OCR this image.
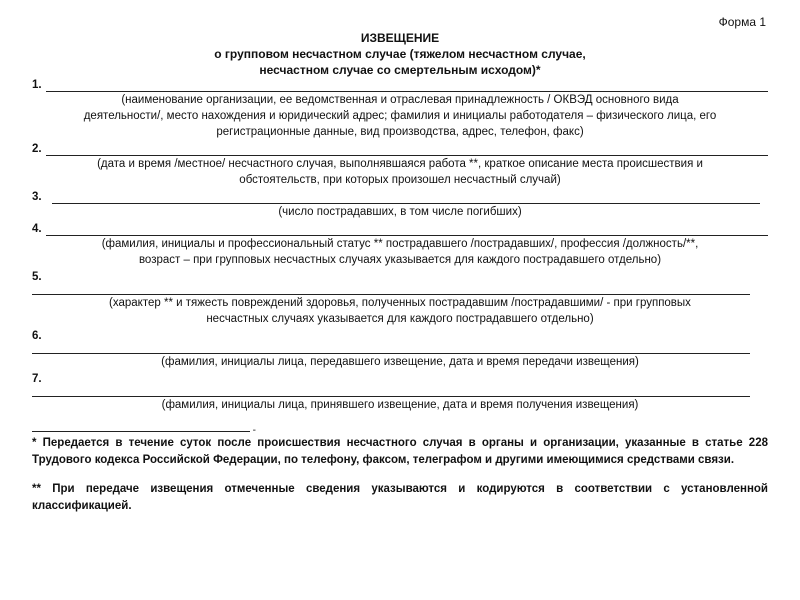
Форма 1
ИЗВЕЩЕНИЕ
о групповом несчастном случае (тяжелом несчастном случае,
несчастном случае со смертельным исходом)*
1.
(наименование организации, ее ведомственная и отраслевая принадлежность / ОКВЭД основного вида
деятельности/, место нахождения и юридический адрес; фамилия и инициалы работодателя – физического лица, его
регистрационные данные, вид производства, адрес, телефон, факс)
2.
(дата и время /местное/ несчастного случая, выполнявшаяся работа **, краткое описание места происшествия и
обстоятельств, при которых произошел несчастный случай)
3.
(число пострадавших, в том числе погибших)
4.
(фамилия, инициалы и профессиональный статус ** пострадавшего /пострадавших/, профессия /должность/**,
возраст – при групповых несчастных случаях указывается для каждого пострадавшего отдельно)
5.
(характер ** и тяжесть повреждений здоровья, полученных пострадавшим /пострадавшими/ - при групповых
несчастных случаях указывается для каждого пострадавшего отдельно)
6.
(фамилия, инициалы лица, передавшего извещение, дата и время передачи извещения)
7.
(фамилия, инициалы лица, принявшего извещение, дата и время получения извещения)
-
* Передается в течение суток после происшествия несчастного случая в органы и организации, указанные в статье 228 Трудового кодекса Российской Федерации, по телефону, факсом, телеграфом и другими имеющимися средствами связи.
** При передаче извещения отмеченные сведения указываются и кодируются в соответствии с установленной классификацией.
